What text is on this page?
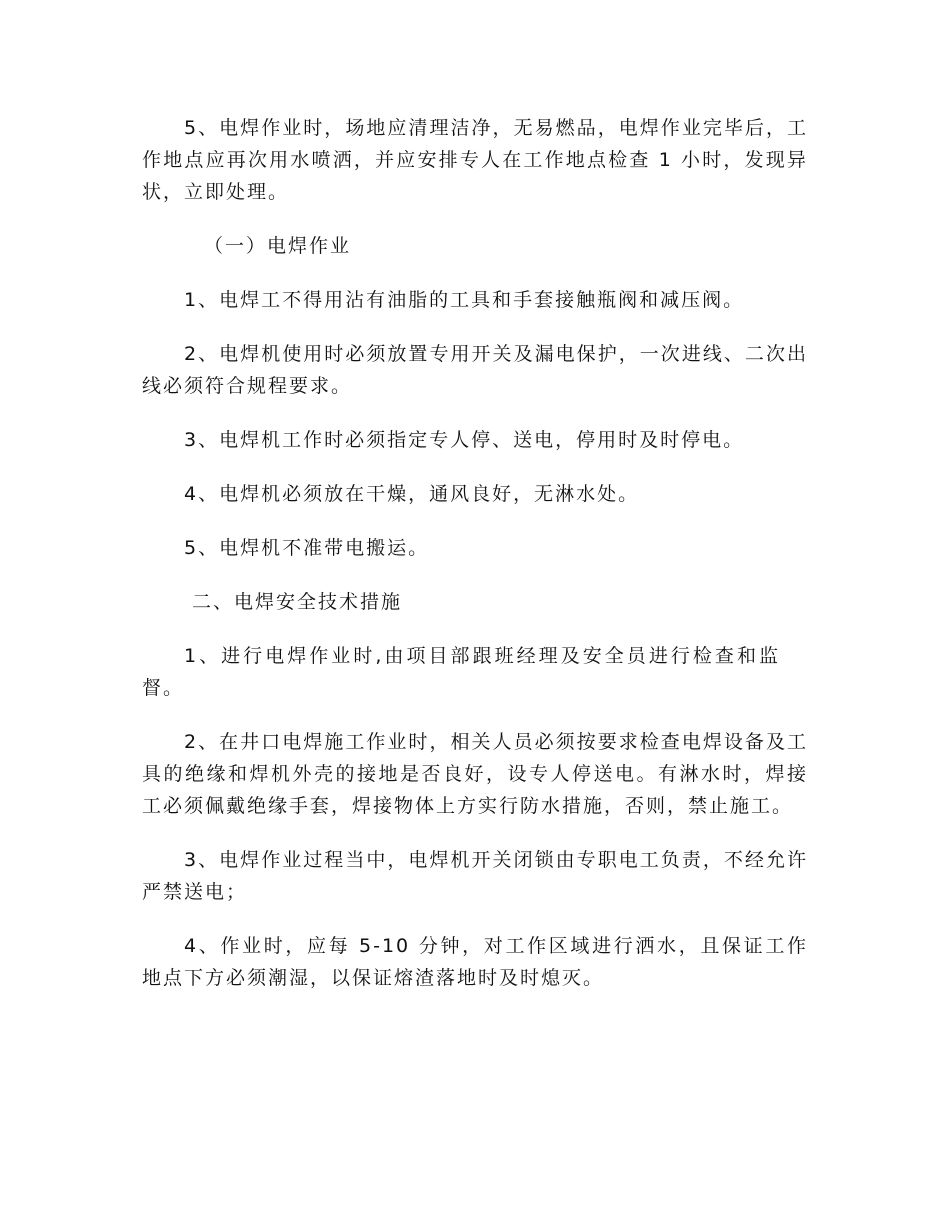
5、电焊作业时，场地应清理洁净，无易燃品，电焊作业完毕后，工作地点应再次用水喷洒，并应安排专人在工作地点检查 1 小时，发现异状，立即处理。

（一）电焊作业

1、电焊工不得用沾有油脂的工具和手套接触瓶阀和减压阀。

2、电焊机使用时必须放置专用开关及漏电保护，一次进线、二次出线必须符合规程要求。

3、电焊机工作时必须指定专人停、送电，停用时及时停电。

4、电焊机必须放在干燥，通风良好，无淋水处。

5、电焊机不准带电搬运。

二、电焊安全技术措施

1、进行电焊作业时,由项目部跟班经理及安全员进行检查和监督。

2、在井口电焊施工作业时，相关人员必须按要求检查电焊设备及工具的绝缘和焊机外壳的接地是否良好，设专人停送电。有淋水时，焊接工必须佩戴绝缘手套，焊接物体上方实行防水措施，否则，禁止施工。

3、电焊作业过程当中，电焊机开关闭锁由专职电工负责，不经允许严禁送电；

4、作业时，应每 5-10 分钟，对工作区域进行洒水，且保证工作地点下方必须潮湿，以保证熔渣落地时及时熄灭。
